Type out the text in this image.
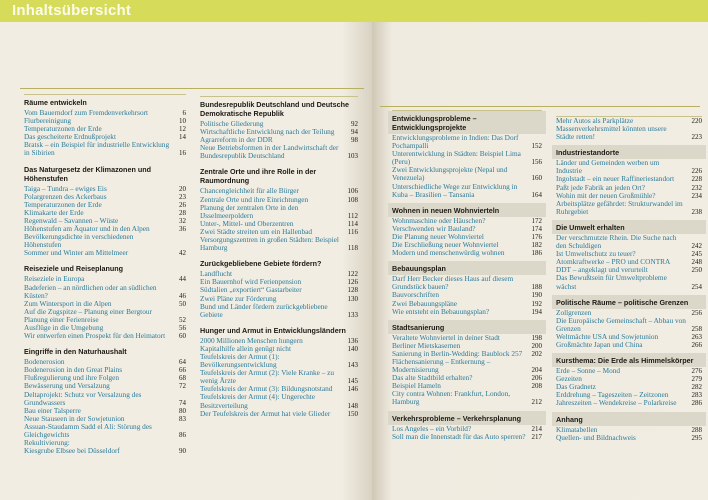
Inhaltsübersicht
Räume entwickeln
Vom Bauerndorf zum Fremdenverkehrsort	6
Flurbereinigung	10
Temperaturzonen der Erde	12
Das gescheiterte Erdnußprojekt	14
Bratsk – ein Beispiel für industrielle Entwicklung in Sibirien	16
Das Naturgesetz der Klimazonen und Höhenstufen
Taiga – Tundra – ewiges Eis	20
Polargrenzen des Ackerbaus	23
Temperaturzonen der Erde	26
Klimakarte der Erde	28
Regenwald – Savannen – Wüste	32
Höhenstufen am Äquator und in den Alpen	36
Bevölkerungsdichte in verschiedenen Höhenstufen
Sommer und Winter am Mittelmeer	42
Reiseziele und Reiseplanung
Reiseziele in Europa	44
Badeferien – an nördlichen oder an südlichen Küsten?	46
Zum Wintersport in die Alpen	50
Auf die Zugspitze – Planung einer Bergtour
Planung einer Ferienreise	52
Ausflüge in die Umgebung	56
Wir entwerfen einen Prospekt für den Heimatort 60
Eingriffe in den Naturhaushalt
Bodenerosion	64
Bodenerosion in den Great Plains	66
Flußregulierung und ihre Folgen	68
Bewässerung und Versalzung	72
Deltaprojekt: Schutz vor Versalzung des Grundwassers	74
Bau einer Talsperre	80
Neue Stauseen in der Sowjetunion	83
Assuan-Staudamm Sadd el Ali: Störung des Gleichgewichts	86
Rekultivierung:
Kiesgrube Elbsee bei Düsseldorf	90
Bundesrepublik Deutschland und Deutsche Demokratische Republik
Politische Gliederung	92
Wirtschaftliche Entwicklung nach der Teilung 94
Agrarreform in der DDR	98
Neue Betriebsformen in der Landwirtschaft der Bundesrepublik Deutschland	103
Zentrale Orte und ihre Rolle in der Raumordnung
Chancengleichheit für alle Bürger	106
Zentrale Orte und ihre Einrichtungen	108
Planung der zentralen Orte in den IJsselmeerpoldern	112
Unter-, Mittel- und Oberzentren	114
Zwei Städte streiten um ein Hallenbad	116
Versorgungszentren in großen Städten: Beispiel Hamburg	118
Zurückgebliebene Gebiete fördern?
Landflucht	122
Ein Bauernhof wird Ferienpension	126
Südtalien „exportiert“ Gastarbeiter	128
Zwei Pläne zur Förderung	130
Bund und Länder fördern zurückgebliebene Gebiete	133
Hunger und Armut in Entwicklungsländern
2000 Millionen Menschen hungern	136
Kapitalhilfe allein genügt nicht	140
Teufelskreis der Armut (1): Bevölkerungsentwicklung	143
Teufelskreis der Armut (2): Viele Kranke – zu wenig Ärzte	145
Teufelskreis der Armut (3): Bildungsnotstand 146
Teufelskreis der Armut (4): Ungerechte Besitzverteilung	148
Der Teufelskreis der Armut hat viele Glieder 150
Entwicklungsprobleme – Entwicklungsprojekte
Entwicklungsprobleme in Indien: Das Dorf Pochampalli	152
Unterentwicklung in Städten: Beispiel Lima (Peru)	156
Zwei Entwicklungsprojekte (Nepal und Venezuela)	160
Unterschiedliche Wege zur Entwicklung in Kuba – Brasilien – Tansania	164
Wohnen in neuen Wohnvierteln
Wohnmaschine oder Häuschen?	172
Verschwenden wir Bauland?	174
Die Planung neuer Wohnviertel	176
Die Erschließung neuer Wohnviertel	182
Modern und menschenwürdig wohnen	186
Bebauungsplan
Darf Herr Becker dieses Haus auf diesem Grundstück bauen?	188
Bauvorschriften	190
Zwei Bebauungspläne	192
Wie entsteht ein Bebauungsplan?	194
Stadtsanierung
Veraltete Wohnviertel in deiner Stadt	198
Berliner Mietskasernen	200
Sanierung in Berlin-Wedding: Baublock 257 202
Flächensanierung – Entkernung – Modernisierung	204
Das alte Stadtbild erhalten?	206
Beispiel Hameln	208
City contra Wohnen: Frankfurt, London, Hamburg	212
Verkehrsprobleme – Verkehrsplanung
Los Angeles – ein Vorbild?	214
Soll man die Innenstadt für das Auto sperren? 217
Mehr Autos als Parkplätze	220
Massenverkehrsmittel könnten unsere Städte retten!	223
Industriestandorte
Länder und Gemeinden werben um Industrie	226
Ingolstadt – ein neuer Raffineriestandort 228
Paßt jede Fabrik an jeden Ort?	232
Wohin mit der neuen Großmühle?	234
Arbeitsplätze gefährdet: Strukturwandel im Ruhrgebiet	238
Die Umwelt erhalten
Der verschmutzte Rhein. Die Suche nach den Schuldigen	242
Ist Umweltschutz zu teuer?	245
Atomkraftwerke – PRO und CONTRA	248
DDT – angeklagt und verurteilt	250
Das Bewußtsein für Umweltprobleme wächst	254
Politische Räume – politische Grenzen
Zollgrenzen	256
Die Europäische Gemeinschaft – Abbau von Grenzen	258
Weltmächte USA und Sowjetunion	263
Großmächte Japan und China	266
Kursthema: Die Erde als Himmelskörper
Erde – Sonne – Mond	276
Gezeiten	279
Das Gradnetz	282
Erddrehung – Tageszeiten – Zeitzonen	283
Jahreszeiten – Wendekreise – Polarkreise 286
Anhang
Klimatabellen	288
Quellen- und Bildnachweis	295
